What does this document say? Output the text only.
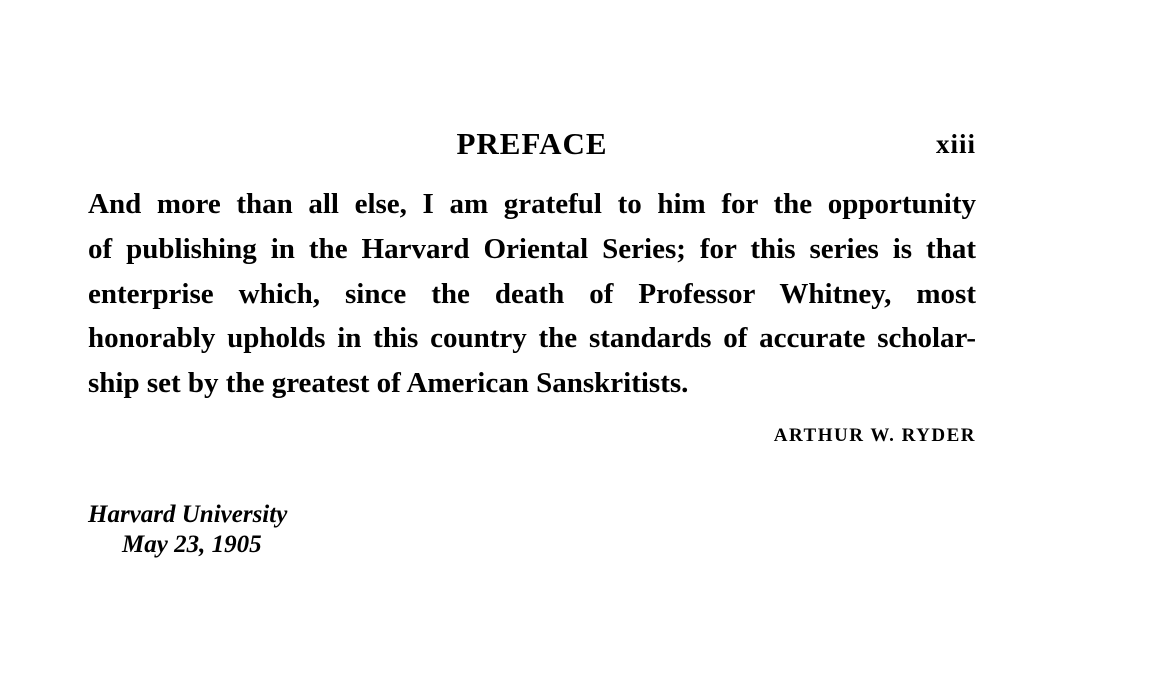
PREFACE	xiii
And more than all else, I am grateful to him for the opportunity
of publishing in the Harvard Oriental Series; for this series is that
enterprise which, since the death of Professor Whitney, most
honorably upholds in this country the standards of accurate scholar-
ship set by the greatest of American Sanskritists.
ARTHUR W. RYDER
Harvard University
May 23, 1905
